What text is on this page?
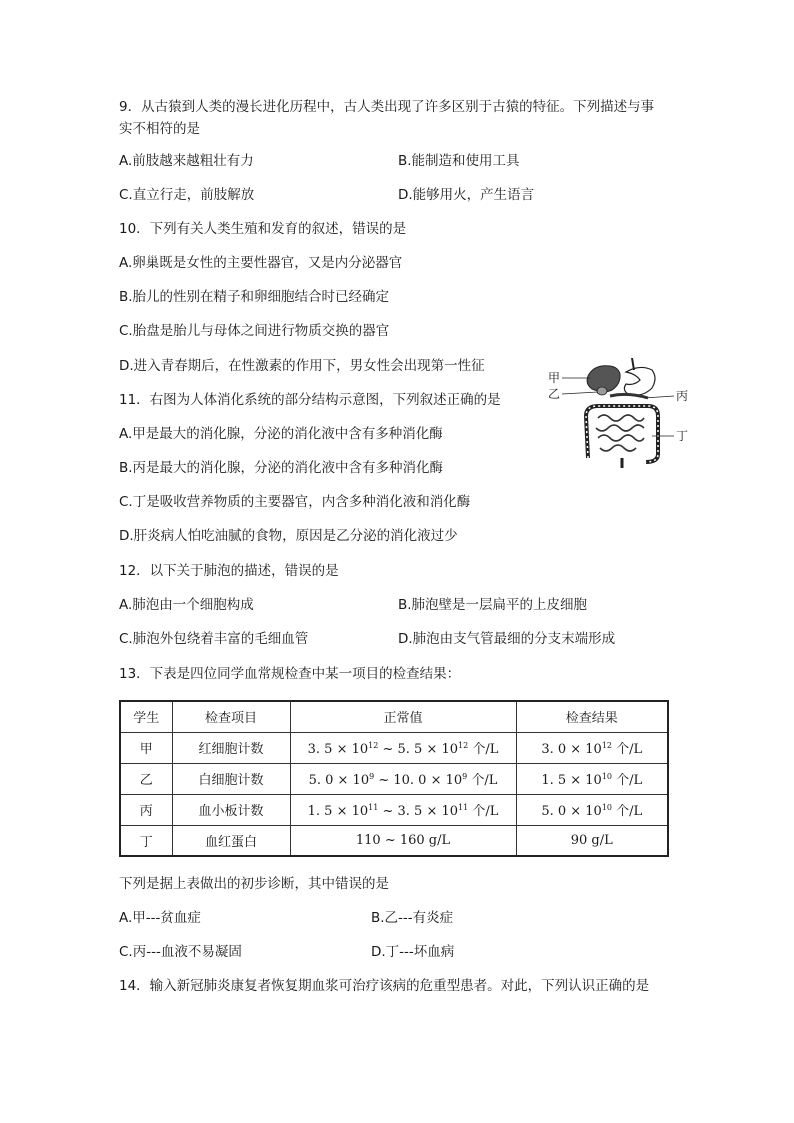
9．从古猿到人类的漫长进化历程中，古人类出现了许多区别于古猿的特征。下列描述与事
实不相符的是
A.前肢越来越粗壮有力	B.能制造和使用工具
C.直立行走，前肢解放	D.能够用火，产生语言
10．下列有关人类生殖和发育的叙述，错误的是
A.卵巢既是女性的主要性器官，又是内分泌器官
B.胎儿的性别在精子和卵细胞结合时已经确定
C.胎盘是胎儿与母体之间进行物质交换的器官
D.进入青春期后，在性激素的作用下，男女性会出现第一性征
11．右图为人体消化系统的部分结构示意图，下列叙述正确的是
A.甲是最大的消化腺，分泌的消化液中含有多种消化酶
B.丙是最大的消化腺，分泌的消化液中含有多种消化酶
C.丁是吸收营养物质的主要器官，内含多种消化液和消化酶
D.肝炎病人怕吃油腻的食物，原因是乙分泌的消化液过少
甲
乙	丙
丁
12．以下关于肺泡的描述，错误的是
A.肺泡由一个细胞构成	B.肺泡壁是一层扁平的上皮细胞
C.肺泡外包绕着丰富的毛细血管	D.肺泡由支气管最细的分支末端形成
13．下表是四位同学血常规检查中某一项目的检查结果：
学生	检查项目	正常值	检查结果
甲	红细胞计数	3. $5 \times 10^{12}$ ~ 5. $5 \times 10^{12}$ 个/L	3. $0 \times 10^{12}$ 个/L
乙	白细胞计数	5. $0 \times 10^9$ ~ 10. $0 \times 10^9$ 个/L	1. $5 \times 10^{10}$ 个/L
丙	血小板计数	1. $5 \times 10^{11}$ ~ 3. $5 \times 10^{11}$ 个/L	5. $0 \times 10^{10}$ 个/L
丁	血红蛋白	110 ~ 160 g/L	90 g/L
下列是据上表做出的初步诊断，其中错误的是
A.甲---贫血症	B.乙---有炎症
C.丙---血液不易凝固	D.丁---坏血病
14．输入新冠肺炎康复者恢复期血浆可治疗该病的危重型患者。对此，下列认识正确的是
